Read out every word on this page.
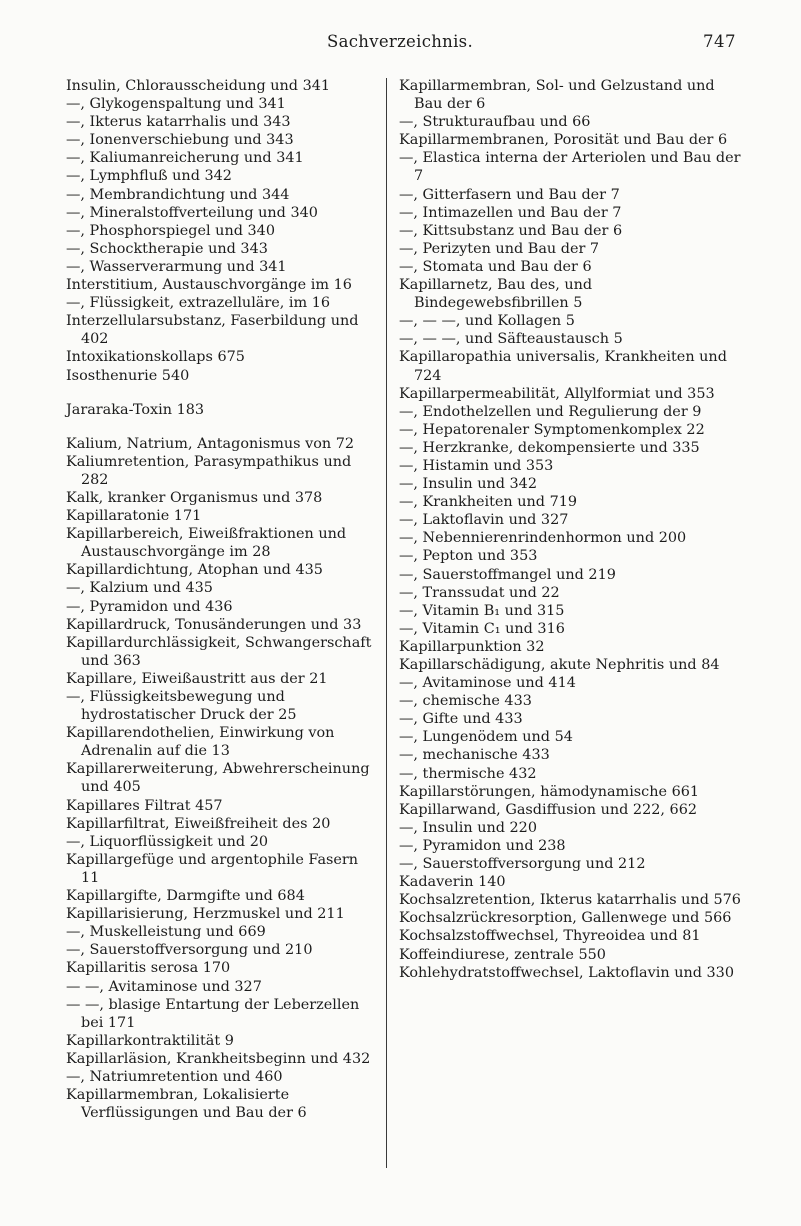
Sachverzeichnis.	747

Insulin, Chlorausscheidung und 341

—, Glykogenspaltung und 341

—, Ikterus katarrhalis und 343

—, Ionenverschiebung und 343

—, Kaliumanreicherung und 341

—, Lymphfluß und 342

—, Membrandichtung und 344

—, Mineralstoffverteilung und 340

—, Phosphorspiegel und 340

—, Schocktherapie und 343

—, Wasserverarmung und 341

Interstitium, Austauschvorgänge im 16

—, Flüssigkeit, extrazelluläre, im 16

Interzellularsubstanz, Faserbildung und 402

Intoxikationskollaps 675

Isosthenurie 540

Jararaka-Toxin 183

Kalium, Natrium, Antagonismus von 72

Kaliumretention, Parasympathikus und 282

Kalk, kranker Organismus und 378

Kapillaratonie 171

Kapillarbereich, Eiweißfraktionen und Austauschvorgänge im 28

Kapillardichtung, Atophan und 435

—, Kalzium und 435

—, Pyramidon und 436

Kapillardruck, Tonusänderungen und 33

Kapillardurchlässigkeit, Schwangerschaft und 363

Kapillare, Eiweißaustritt aus der 21

—, Flüssigkeitsbewegung und hydrostatischer Druck der 25

Kapillarendothelien, Einwirkung von Adrenalin auf die 13

Kapillarerweiterung, Abwehrerscheinung und 405

Kapillares Filtrat 457

Kapillarfiltrat, Eiweißfreiheit des 20

—, Liquorflüssigkeit und 20

Kapillargefüge und argentophile Fasern 11

Kapillargifte, Darmgifte und 684

Kapillarisierung, Herzmuskel und 211

—, Muskelleistung und 669

—, Sauerstoffversorgung und 210

Kapillaritis serosa 170

— —, Avitaminose und 327

— —, blasige Entartung der Leberzellen bei 171

Kapillarkontraktilität 9

Kapillarläsion, Krankheitsbeginn und 432

—, Natriumretention und 460

Kapillarmembran, Lokalisierte Verflüssigungen und Bau der 6

Kapillarmembran, Sol- und Gelzustand und Bau der 6

—, Strukturaufbau und 66

Kapillarmembranen, Porosität und Bau der 6

—, Elastica interna der Arteriolen und Bau der 7

—, Gitterfasern und Bau der 7

—, Intimazellen und Bau der 7

—, Kittsubstanz und Bau der 6

—, Perizyten und Bau der 7

—, Stomata und Bau der 6

Kapillarnetz, Bau des, und Bindegewebsfibrillen 5

—, — —, und Kollagen 5

—, — —, und Säfteaustausch 5

Kapillaropathia universalis, Krankheiten und 724

Kapillarpermeabilität, Allylformiat und 353

—, Endothelzellen und Regulierung der 9

—, Hepatorenaler Symptomenkomplex 22

—, Herzkranke, dekompensierte und 335

—, Histamin und 353

—, Insulin und 342

—, Krankheiten und 719

—, Laktoflavin und 327

—, Nebennierenrindenhormon und 200

—, Pepton und 353

—, Sauerstoffmangel und 219

—, Transsudat und 22

—, Vitamin B₁ und 315

—, Vitamin C₁ und 316

Kapillarpunktion 32

Kapillarschädigung, akute Nephritis und 84

—, Avitaminose und 414

—, chemische 433

—, Gifte und 433

—, Lungenödem und 54

—, mechanische 433

—, thermische 432

Kapillarstörungen, hämodynamische 661

Kapillarwand, Gasdiffusion und 222, 662

—, Insulin und 220

—, Pyramidon und 238

—, Sauerstoffversorgung und 212

Kadaverin 140

Kochsalzretention, Ikterus katarrhalis und 576

Kochsalzrückresorption, Gallenwege und 566

Kochsalzstoffwechsel, Thyreoidea und 81

Koffeindiurese, zentrale 550

Kohlehydratstoffwechsel, Laktoflavin und 330
